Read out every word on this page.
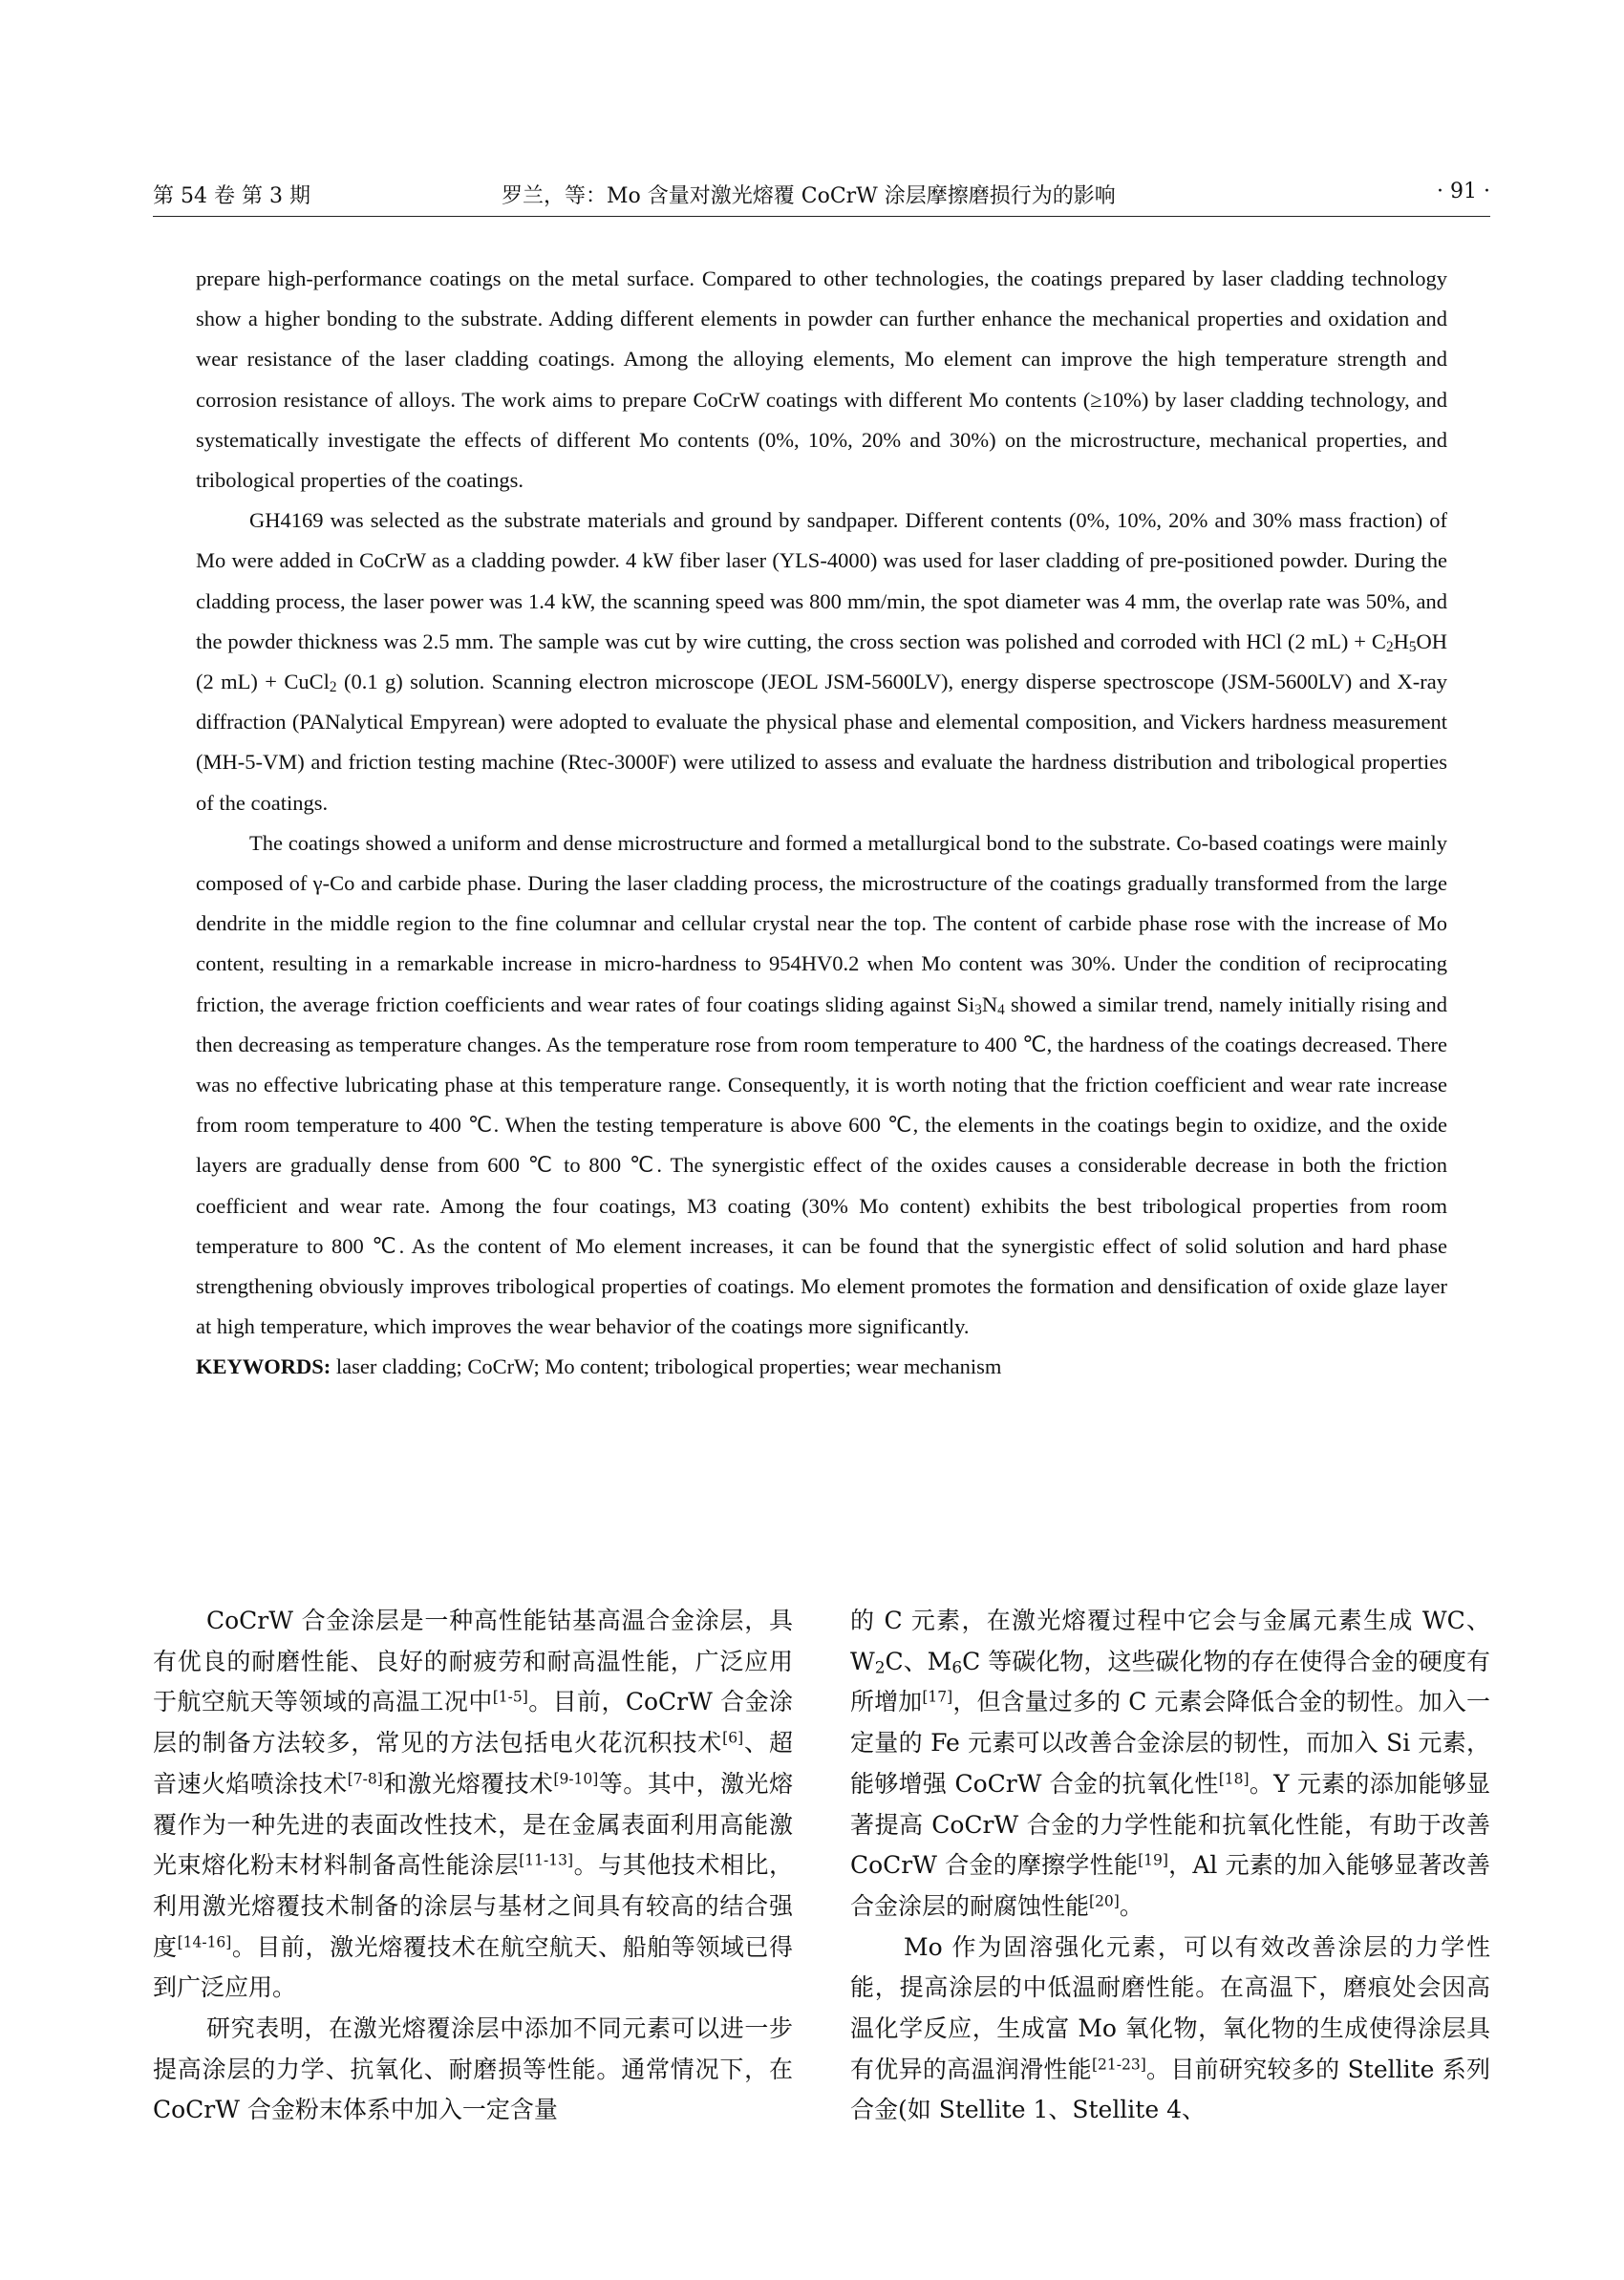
第 54 卷 第 3 期	罗兰，等：Mo 含量对激光熔覆 CoCrW 涂层摩擦磨损行为的影响	· 91 ·

prepare high-performance coatings on the metal surface. Compared to other technologies, the coatings prepared by laser cladding technology show a higher bonding to the substrate. Adding different elements in powder can further enhance the mechanical properties and oxidation and wear resistance of the laser cladding coatings. Among the alloying elements, Mo element can improve the high temperature strength and corrosion resistance of alloys. The work aims to prepare CoCrW coatings with different Mo contents (≥10%) by laser cladding technology, and systematically investigate the effects of different Mo contents (0%, 10%, 20% and 30%) on the microstructure, mechanical properties, and tribological properties of the coatings.

GH4169 was selected as the substrate materials and ground by sandpaper. Different contents (0%, 10%, 20% and 30% mass fraction) of Mo were added in CoCrW as a cladding powder. 4 kW fiber laser (YLS-4000) was used for laser cladding of pre-positioned powder. During the cladding process, the laser power was 1.4 kW, the scanning speed was 800 mm/min, the spot diameter was 4 mm, the overlap rate was 50%, and the powder thickness was 2.5 mm. The sample was cut by wire cutting, the cross section was polished and corroded with HCl (2 $mL) + C_2H_5OH$ (2 mL) + CuCl$_2$ (0.1 g) solution. Scanning electron microscope (JEOL JSM-5600LV), energy disperse spectroscope (JSM-5600LV) and X-ray diffraction (PANalytical Empyrean) were adopted to evaluate the physical phase and elemental composition, and Vickers hardness measurement (MH-5-VM) and friction testing machine (Rtec-3000F) were utilized to assess and evaluate the hardness distribution and tribological properties of the coatings.

The coatings showed a uniform and dense microstructure and formed a metallurgical bond to the substrate. Co-based coatings were mainly composed of γ-Co and carbide phase. During the laser cladding process, the microstructure of the coatings gradually transformed from the large dendrite in the middle region to the fine columnar and cellular crystal near the top. The content of carbide phase rose with the increase of Mo content, resulting in a remarkable increase in micro-hardness to 954HV0.2 when Mo content was 30%. Under the condition of reciprocating friction, the average friction coefficients and wear rates of four coatings sliding against $Si_3N_4$ showed a similar trend, namely initially rising and then decreasing as temperature changes. As the temperature rose from room temperature to 400 ℃, the hardness of the coatings decreased. There was no effective lubricating phase at this temperature range. Consequently, it is worth noting that the friction coefficient and wear rate increase from room temperature to 400 ℃. When the testing temperature is above 600 ℃, the elements in the coatings begin to oxidize, and the oxide layers are gradually dense from 600 ℃ to 800 ℃. The synergistic effect of the oxides causes a considerable decrease in both the friction coefficient and wear rate. Among the four coatings, M3 coating (30% Mo content) exhibits the best tribological properties from room temperature to 800 ℃. As the content of Mo element increases, it can be found that the synergistic effect of solid solution and hard phase strengthening obviously improves tribological properties of coatings. Mo element promotes the formation and densification of oxide glaze layer at high temperature, which improves the wear behavior of the coatings more significantly.

KEYWORDS: laser cladding; CoCrW; Mo content; tribological properties; wear mechanism

CoCrW 合金涂层是一种高性能钴基高温合金涂层，具有优良的耐磨性能、良好的耐疲劳和耐高温性能，广泛应用于航空航天等领域的高温工况中[1-5]。目前，CoCrW 合金涂层的制备方法较多，常见的方法包括电火花沉积技术[6]、超音速火焰喷涂技术[7-8]和激光熔覆技术[9-10]等。其中，激光熔覆作为一种先进的表面改性技术，是在金属表面利用高能激光束熔化粉末材料制备高性能涂层[11-13]。与其他技术相比，利用激光熔覆技术制备的涂层与基材之间具有较高的结合强度[14-16]。目前，激光熔覆技术在航空航天、船舶等领域已得到广泛应用。

研究表明，在激光熔覆涂层中添加不同元素可以进一步提高涂层的力学、抗氧化、耐磨损等性能。通常情况下，在 CoCrW 合金粉末体系中加入一定含量

的 C 元素，在激光熔覆过程中它会与金属元素生成 WC、$W_2C$、$M_6C$ 等碳化物，这些碳化物的存在使得合金的硬度有所增加[17]，但含量过多的 C 元素会降低合金的韧性。加入一定量的 Fe 元素可以改善合金涂层的韧性，而加入 Si 元素，能够增强 CoCrW 合金的抗氧化性[18]。Y 元素的添加能够显著提高 CoCrW 合金的力学性能和抗氧化性能，有助于改善 CoCrW 合金的摩擦学性能[19]，Al 元素的加入能够显著改善合金涂层的耐腐蚀性能[20]。

Mo 作为固溶强化元素，可以有效改善涂层的力学性能，提高涂层的中低温耐磨性能。在高温下，磨痕处会因高温化学反应，生成富 Mo 氧化物，氧化物的生成使得涂层具有优异的高温润滑性能[21-23]。目前研究较多的 Stellite 系列合金(如 Stellite 1、Stellite 4、
